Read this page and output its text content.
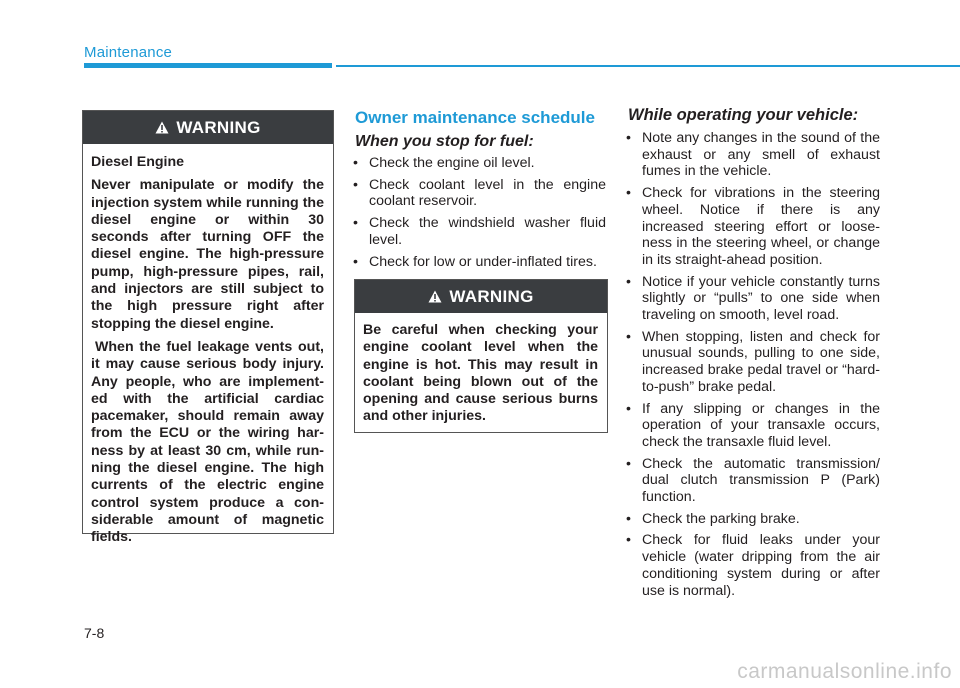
Maintenance
WARNING

Diesel Engine

Never manipulate or modify the injection system while running the diesel engine or within 30 seconds after turning OFF the diesel engine. The high-pressure pump, high-pressure pipes, rail, and injectors are still subject to the high pressure right after stopping the diesel engine.

When the fuel leakage vents out, it may cause serious body injury. Any people, who are implement-ed with the artificial cardiac pacemaker, should remain away from the ECU or the wiring har-ness by at least 30 cm, while run-ning the diesel engine. The high currents of the electric engine control system produce a con-siderable amount of magnetic fields.

Owner maintenance schedule
When you stop for fuel:
• Check the engine oil level.
• Check coolant level in the engine coolant reservoir.
• Check the windshield washer fluid level.
• Check for low or under-inflated tires.
WARNING

Be careful when checking your engine coolant level when the engine is hot. This may result in coolant being blown out of the opening and cause serious burns and other injuries.

While operating your vehicle:
• Note any changes in the sound of the exhaust or any smell of exhaust fumes in the vehicle.
• Check for vibrations in the steering wheel. Notice if there is any increased steering effort or loose-ness in the steering wheel, or change in its straight-ahead position.
• Notice if your vehicle constantly turns slightly or “pulls” to one side when traveling on smooth, level road.
• When stopping, listen and check for unusual sounds, pulling to one side, increased brake pedal travel or “hard-to-push” brake pedal.
• If any slipping or changes in the operation of your transaxle occurs, check the transaxle fluid level.
• Check the automatic transmission/ dual clutch transmission P (Park) function.
• Check the parking brake.
• Check for fluid leaks under your vehicle (water dripping from the air conditioning system during or after use is normal).
7-8
carmanualsonline.info
